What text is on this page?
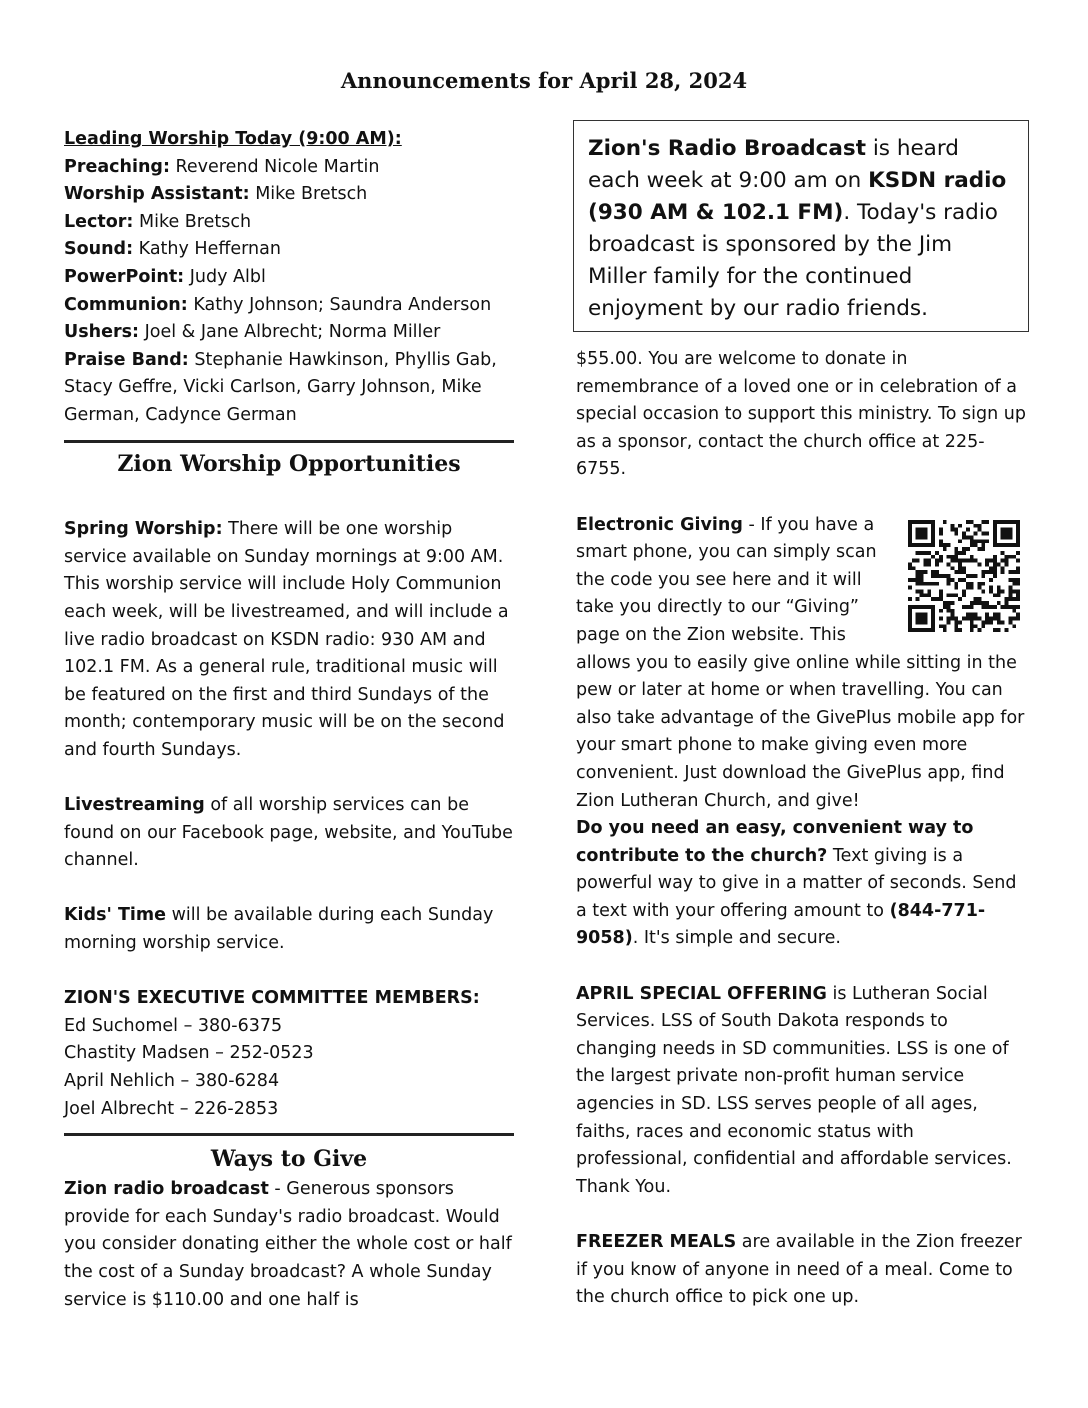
Announcements for April 28, 2024

Leading Worship Today (9:00 AM):

Preaching: Reverend Nicole Martin

Worship Assistant: Mike Bretsch

Lector: Mike Bretsch

Sound: Kathy Heffernan

PowerPoint: Judy Albl

Communion: Kathy Johnson; Saundra Anderson

Ushers: Joel & Jane Albrecht; Norma Miller

Praise Band: Stephanie Hawkinson, Phyllis Gab, Stacy Geffre, Vicki Carlson, Garry Johnson, Mike German, Cadynce German

Zion Worship Opportunities

Spring Worship: There will be one worship service available on Sunday mornings at 9:00 AM. This worship service will include Holy Communion each week, will be livestreamed, and will include a live radio broadcast on KSDN radio: 930 AM and 102.1 FM. As a general rule, traditional music will be featured on the first and third Sundays of the month; contemporary music will be on the second and fourth Sundays.

Livestreaming of all worship services can be found on our Facebook page, website, and YouTube channel.

Kids' Time will be available during each Sunday morning worship service.

ZION'S EXECUTIVE COMMITTEE MEMBERS:

Ed Suchomel – 380-6375

Chastity Madsen – 252-0523

April Nehlich – 380-6284

Joel Albrecht – 226-2853

Ways to Give

Zion radio broadcast - Generous sponsors provide for each Sunday's radio broadcast. Would you consider donating either the whole cost or half the cost of a Sunday broadcast? A whole Sunday service is $110.00 and one half is

Zion's Radio Broadcast is heard each week at 9:00 am on KSDN radio (930 AM & 102.1 FM). Today's radio broadcast is sponsored by the Jim Miller family for the continued enjoyment by our radio friends.

$55.00. You are welcome to donate in remembrance of a loved one or in celebration of a special occasion to support this ministry. To sign up as a sponsor, contact the church office at 225-6755.

Electronic Giving - If you have a smart phone, you can simply scan the code you see here and it will take you directly to our “Giving” page on the Zion website. This allows you to easily give online while sitting in the pew or later at home or when travelling. You can also take advantage of the GivePlus mobile app for your smart phone to make giving even more convenient. Just download the GivePlus app, find Zion Lutheran Church, and give!

Do you need an easy, convenient way to contribute to the church? Text giving is a powerful way to give in a matter of seconds. Send a text with your offering amount to (844-771-9058). It's simple and secure.

APRIL SPECIAL OFFERING is Lutheran Social Services. LSS of South Dakota responds to changing needs in SD communities. LSS is one of the largest private non-profit human service agencies in SD. LSS serves people of all ages, faiths, races and economic status with professional, confidential and affordable services. Thank You.

FREEZER MEALS are available in the Zion freezer if you know of anyone in need of a meal. Come to the church office to pick one up.
